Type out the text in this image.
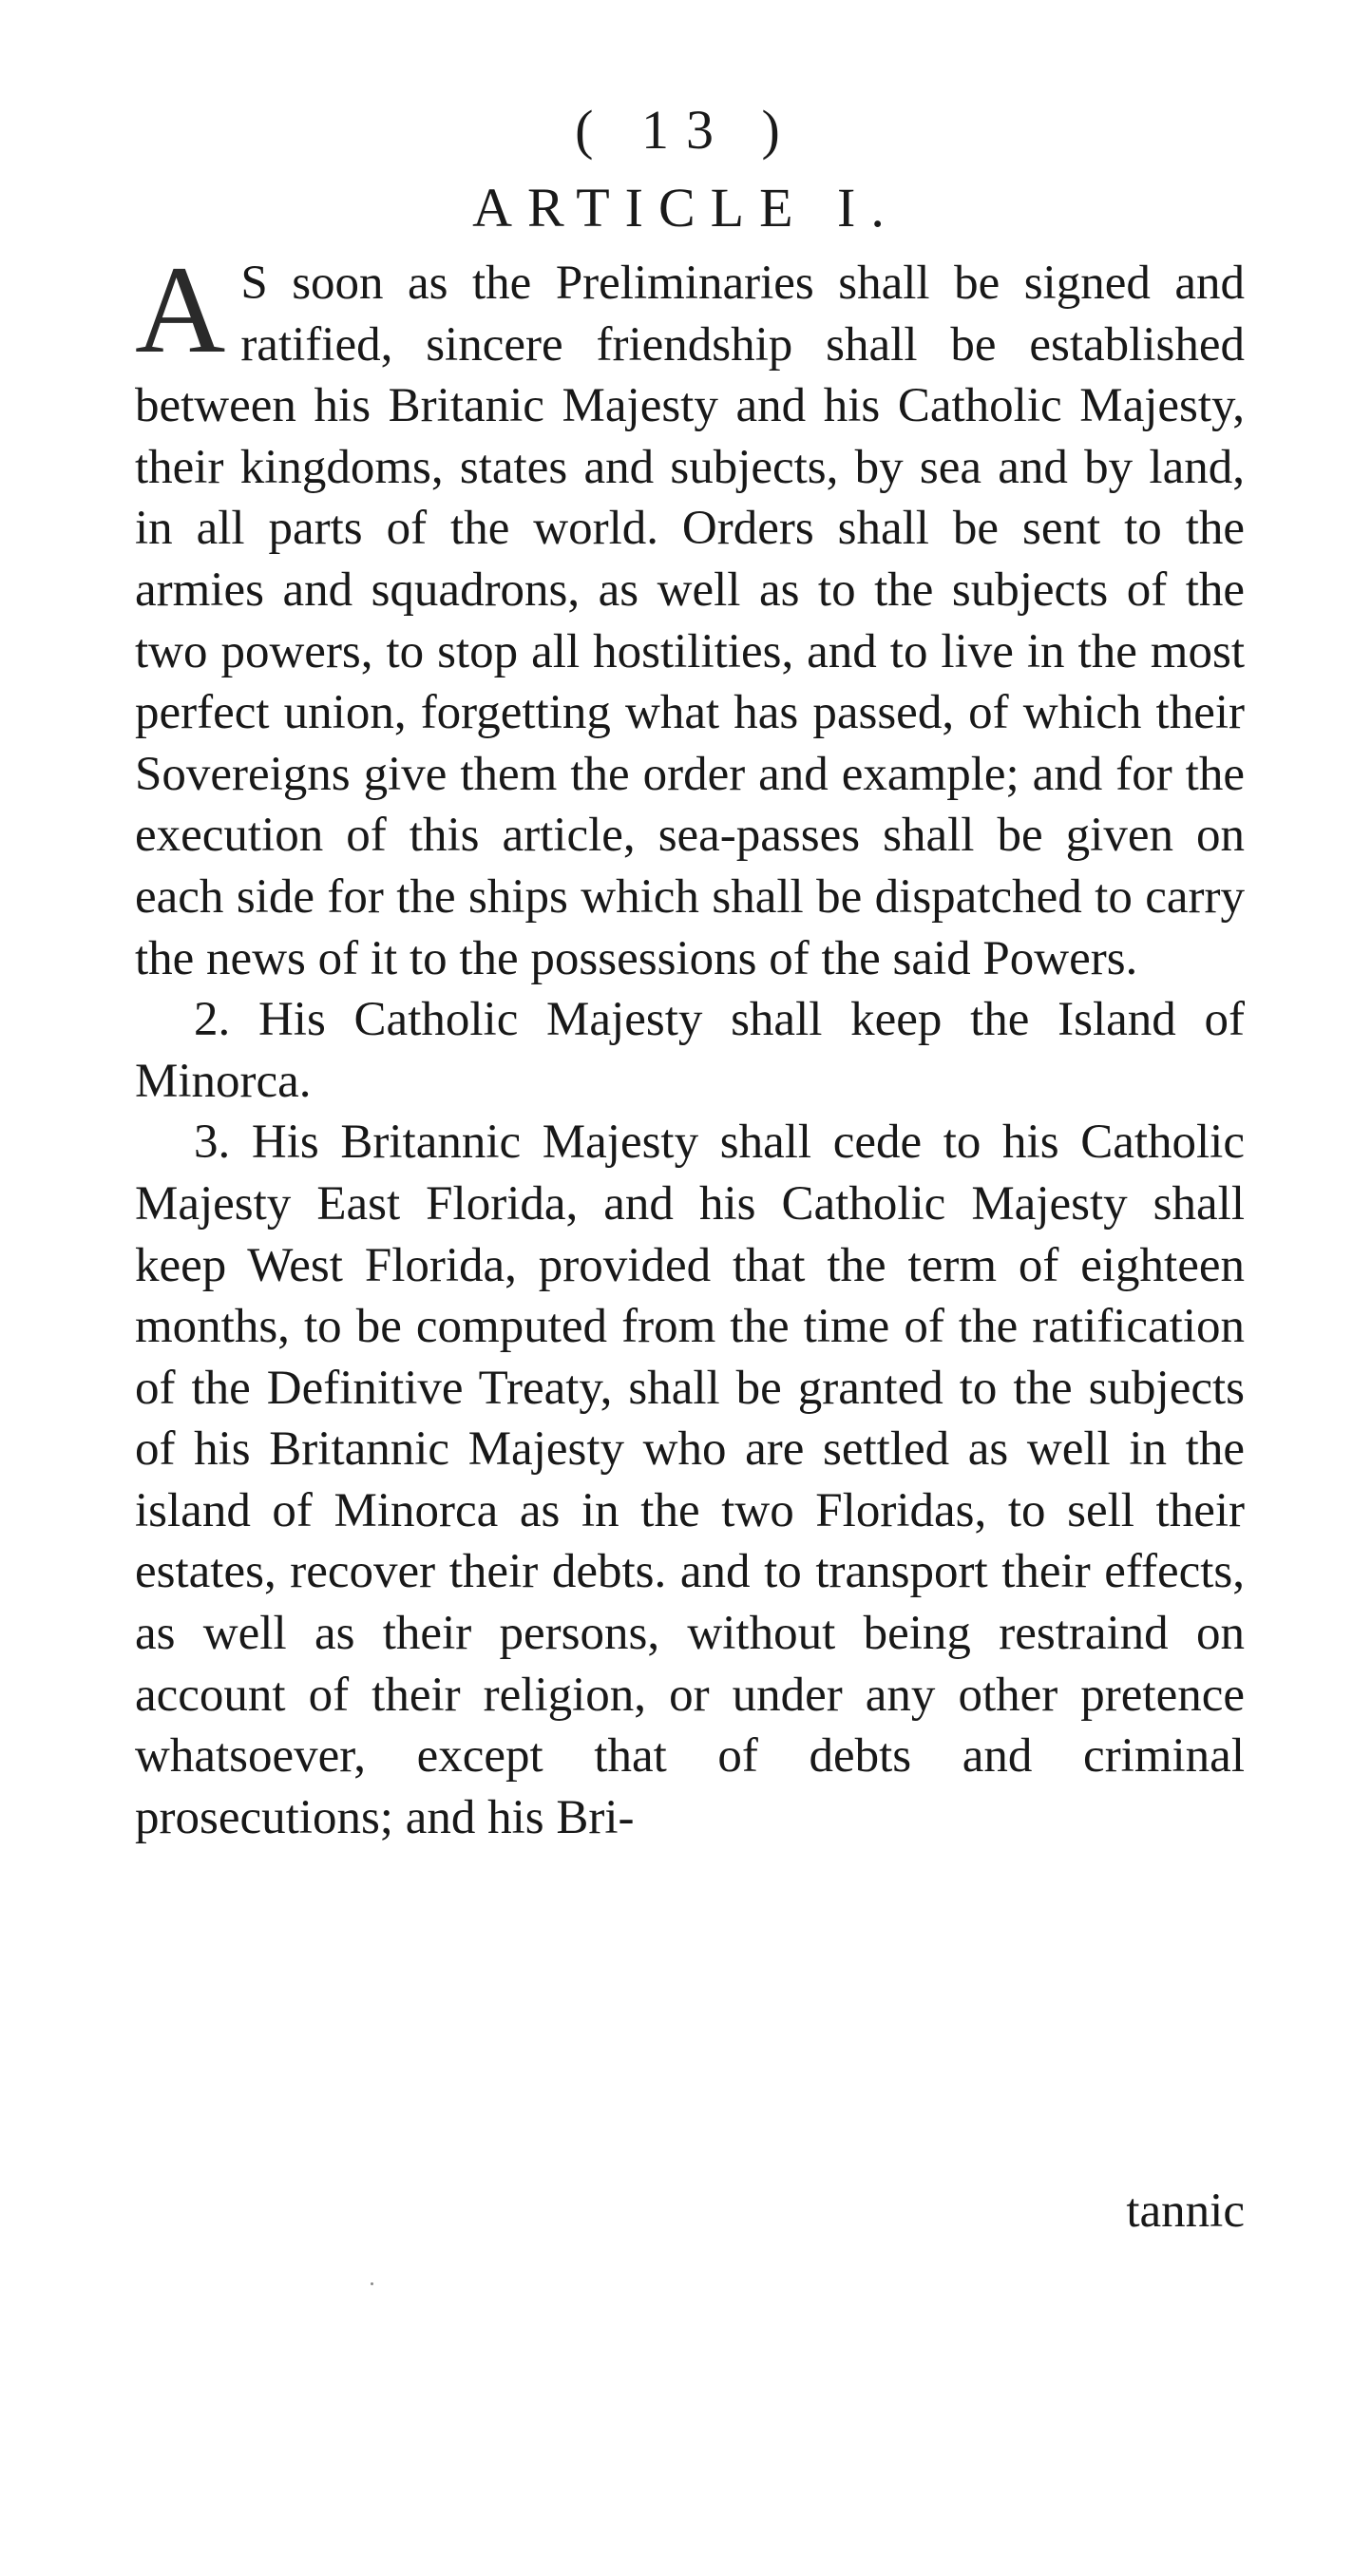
( 13 )
ARTICLE I.

A S soon as the Preliminaries shall be signed and ratified, sincere friendship shall be established between his Britanic Majesty and his Catholic Majesty, their kingdoms, states and subjects, by sea and by land, in all parts of the world. Orders shall be sent to the armies and squadrons, as well as to the subjects of the two powers, to stop all hostilities, and to live in the most perfect union, forgetting what has passed, of which their Sovereigns give them the order and example; and for the execution of this article, sea-passes shall be given on each side for the ships which shall be dispatched to carry the news of it to the possessions of the said Powers.

2. His Catholic Majesty shall keep the Island of Minorca.

3. His Britannic Majesty shall cede to his Catholic Majesty East Florida, and his Catholic Majesty shall keep West Florida, provided that the term of eighteen months, to be computed from the time of the ratification of the Definitive Treaty, shall be granted to the subjects of his Britannic Majesty who are settled as well in the island of Minorca as in the two Floridas, to sell their estates, recover their debts. and to transport their effects, as well as their persons, without being restraind on account of their religion, or under any other pretence whatsoever, except that of debts and criminal prosecutions; and his Bri-

tannic
